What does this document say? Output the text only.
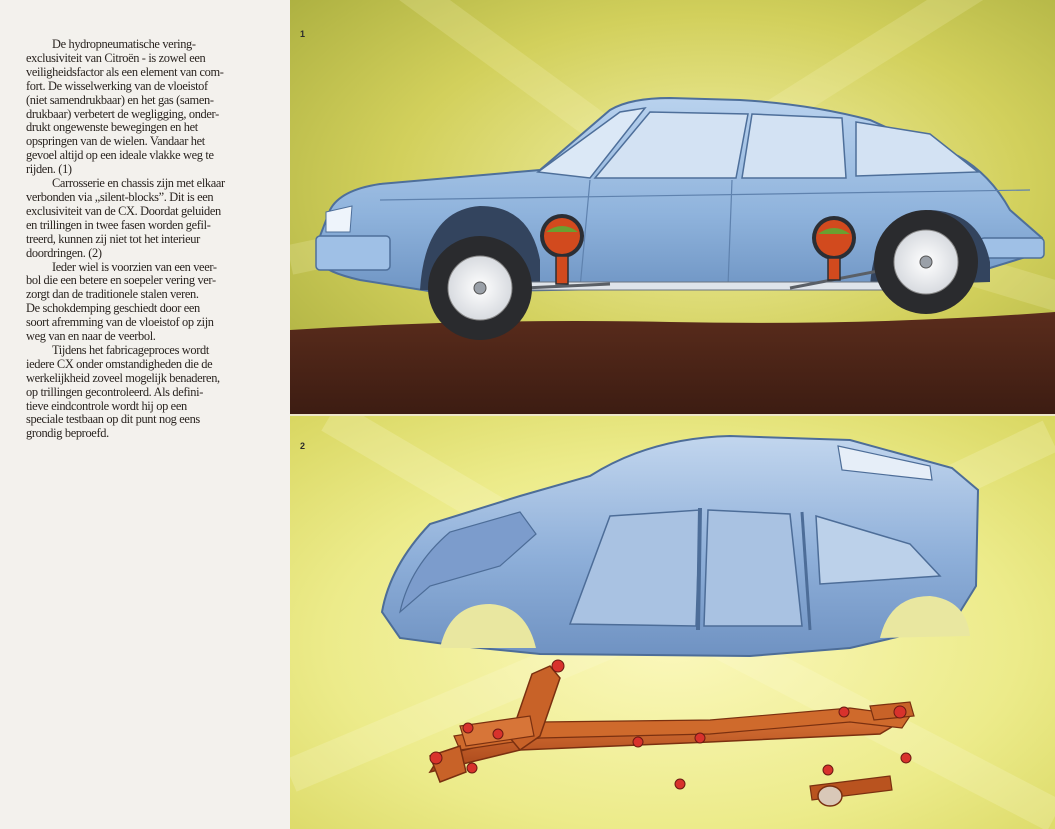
De hydropneumatische vering-
exclusiviteit van Citroën - is zowel een
veiligheidsfactor als een element van com-
fort. De wisselwerking van de vloeistof
(niet samendrukbaar) en het gas (samen-
drukbaar) verbetert de wegligging, onder-
drukt ongewenste bewegingen en het
opspringen van de wielen. Vandaar het
gevoel altijd op een ideale vlakke weg te
rijden. (1)

Carrosserie en chassis zijn met elkaar
verbonden via „silent-blocks”. Dit is een
exclusiviteit van de CX. Doordat geluiden
en trillingen in twee fasen worden gefil-
treerd, kunnen zij niet tot het interieur
doordringen. (2)

Ieder wiel is voorzien van een veer-
bol die een betere en soepeler vering ver-
zorgt dan de traditionele stalen veren.
De schokdemping geschiedt door een
soort afremming van de vloeistof op zijn
weg van en naar de veerbol.

Tijdens het fabricageproces wordt
iedere CX onder omstandigheden die de
werkelijkheid zoveel mogelijk benaderen,
op trillingen gecontroleerd. Als defini-
tieve eindcontrole wordt hij op een
speciale testbaan op dit punt nog eens
grondig beproefd.

1
2
